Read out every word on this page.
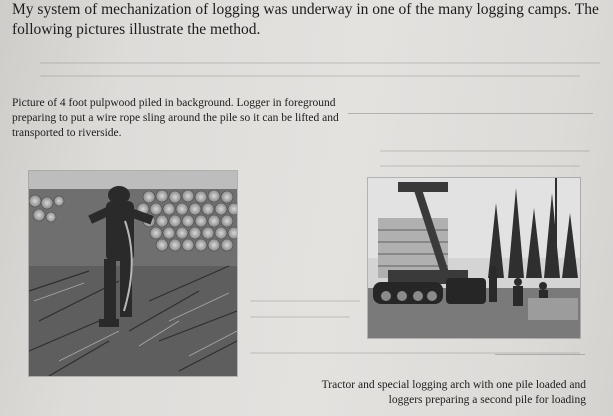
My system of mechanization of logging was underway in one of the many logging camps. The following pictures illustrate the method.

Picture of 4 foot pulpwood piled in background. Logger in foreground preparing to put a wire rope sling around the pile so it can be lifted and transported to riverside.

Tractor and special logging arch with one pile loaded and loggers preparing a second pile for loading
